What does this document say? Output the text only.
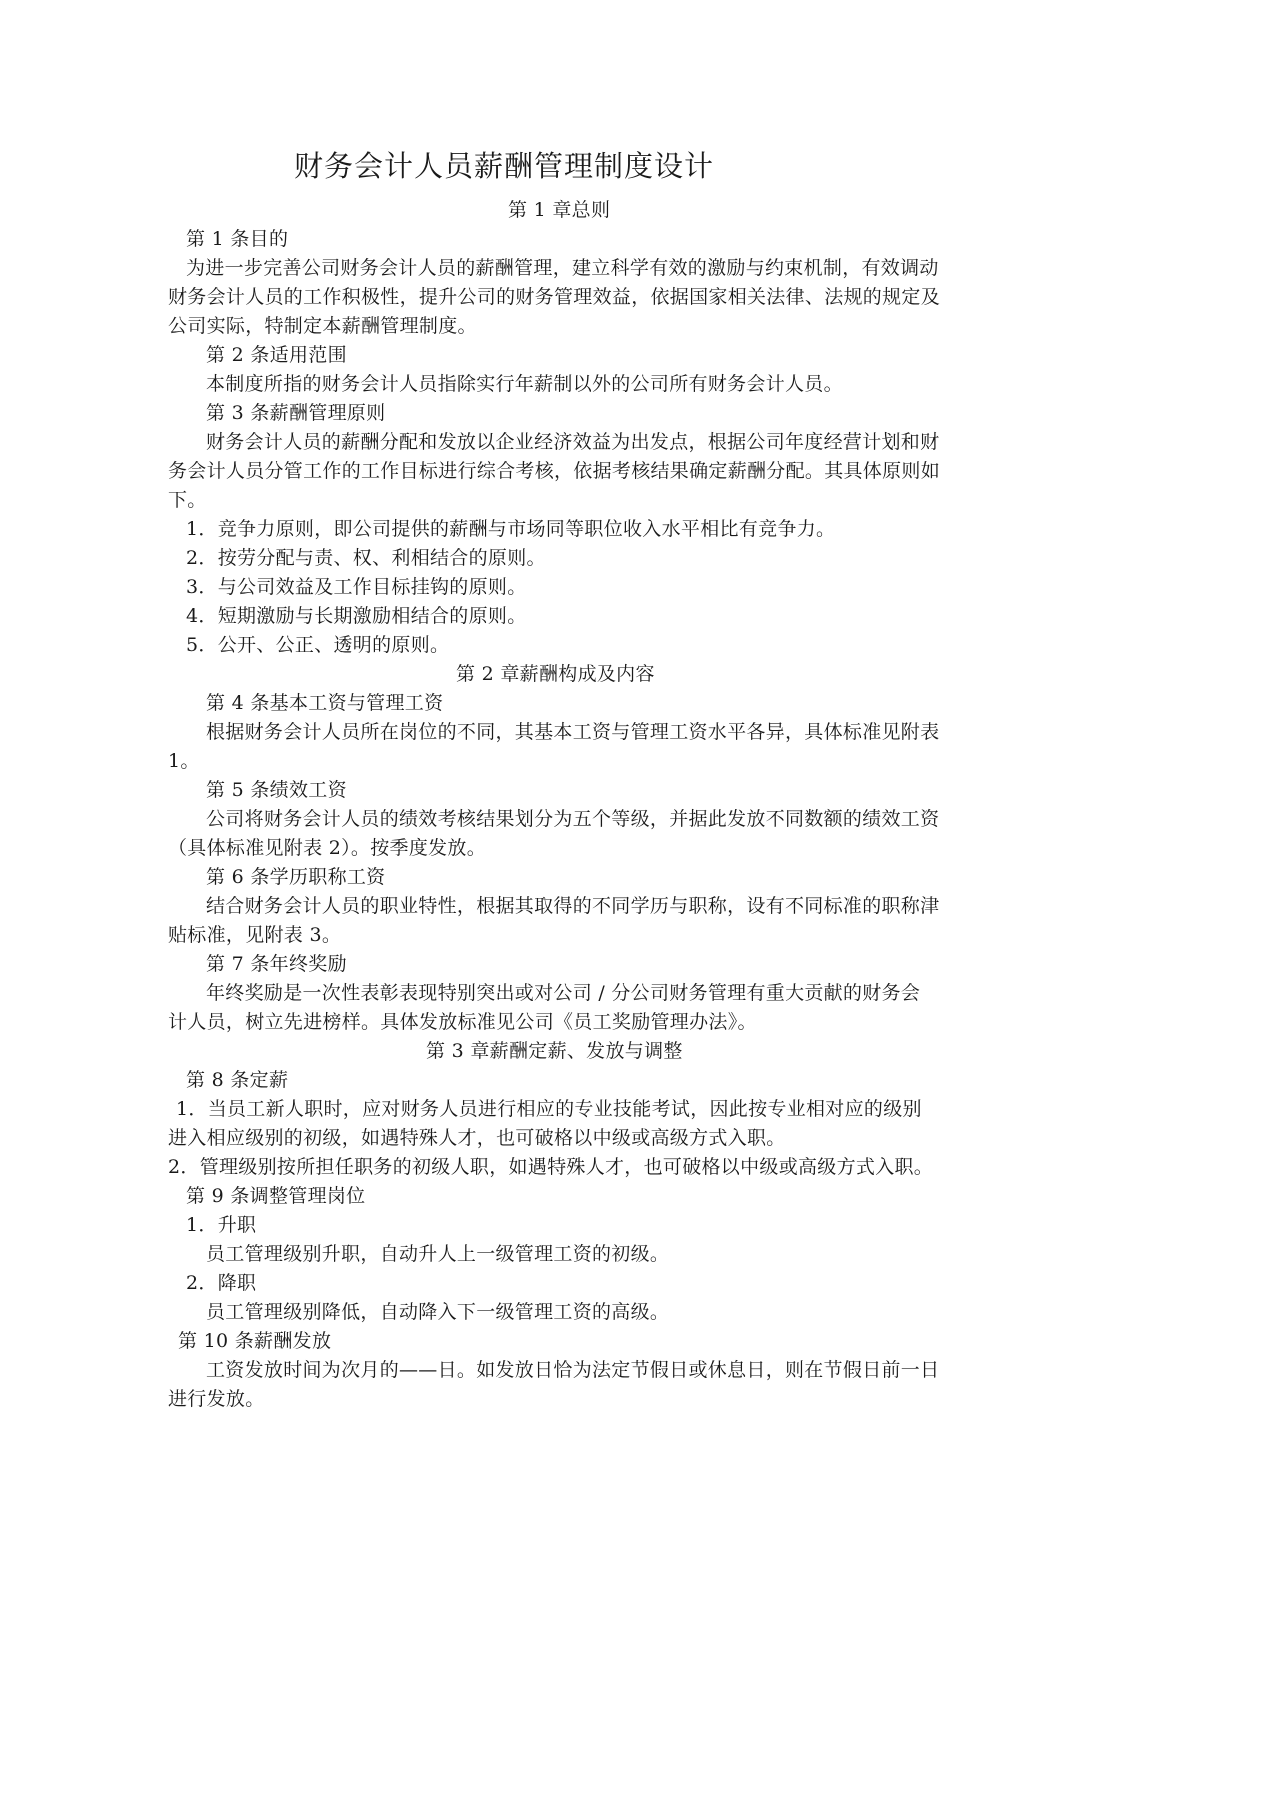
财务会计人员薪酬管理制度设计
第 1 章总则
第 1 条目的
为进一步完善公司财务会计人员的薪酬管理，建立科学有效的激励与约束机制，有效调动
财务会计人员的工作积极性，提升公司的财务管理效益，依据国家相关法律、法规的规定及
公司实际，特制定本薪酬管理制度。
第 2 条适用范围
本制度所指的财务会计人员指除实行年薪制以外的公司所有财务会计人员。
第 3 条薪酬管理原则
财务会计人员的薪酬分配和发放以企业经济效益为出发点，根据公司年度经营计划和财
务会计人员分管工作的工作目标进行综合考核，依据考核结果确定薪酬分配。其具体原则如
下。
1．竞争力原则，即公司提供的薪酬与市场同等职位收入水平相比有竞争力。
2．按劳分配与责、权、利相结合的原则。
3．与公司效益及工作目标挂钩的原则。
4．短期激励与长期激励相结合的原则。
5．公开、公正、透明的原则。
第 2 章薪酬构成及内容
第 4 条基本工资与管理工资
根据财务会计人员所在岗位的不同，其基本工资与管理工资水平各异，具体标准见附表
1。
第 5 条绩效工资
公司将财务会计人员的绩效考核结果划分为五个等级，并据此发放不同数额的绩效工资
（具体标准见附表 2）。按季度发放。
第 6 条学历职称工资
结合财务会计人员的职业特性，根据其取得的不同学历与职称，设有不同标准的职称津
贴标准，见附表 3。
第 7 条年终奖励
年终奖励是一次性表彰表现特别突出或对公司 / 分公司财务管理有重大贡献的财务会
计人员，树立先进榜样。具体发放标准见公司《员工奖励管理办法》。
第 3 章薪酬定薪、发放与调整
第 8 条定薪
1．当员工新人职时，应对财务人员进行相应的专业技能考试，因此按专业相对应的级别
进入相应级别的初级，如遇特殊人才，也可破格以中级或高级方式入职。
2．管理级别按所担任职务的初级人职，如遇特殊人才，也可破格以中级或高级方式入职。
第 9 条调整管理岗位
1．升职
员工管理级别升职，自动升人上一级管理工资的初级。
2．降职
员工管理级别降低，自动降入下一级管理工资的高级。
第 10 条薪酬发放
工资发放时间为次月的——日。如发放日恰为法定节假日或休息日，则在节假日前一日
进行发放。
